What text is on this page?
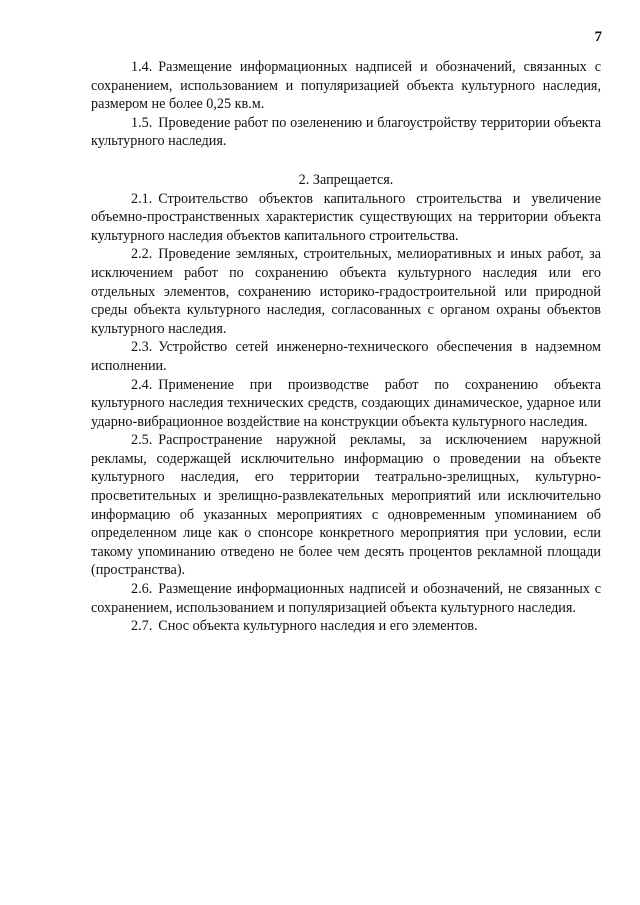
7

1.4. Размещение информационных надписей и обозначений, связанных с сохранением, использованием и популяризацией объекта культурного наследия, размером не более 0,25 кв.м.

1.5. Проведение работ по озеленению и благоустройству территории объекта культурного наследия.

2. Запрещается.

2.1. Строительство объектов капитального строительства и увеличение объемно-пространственных характеристик существующих на территории объекта культурного наследия объектов капитального строительства.

2.2. Проведение земляных, строительных, мелиоративных и иных работ, за исключением работ по сохранению объекта культурного наследия или его отдельных элементов, сохранению историко-градостроительной или природной среды объекта культурного наследия, согласованных с органом охраны объектов культурного наследия.

2.3. Устройство сетей инженерно-технического обеспечения в надземном исполнении.

2.4. Применение при производстве работ по сохранению объекта культурного наследия технических средств, создающих динамическое, ударное или ударно-вибрационное воздействие на конструкции объекта культурного наследия.

2.5. Распространение наружной рекламы, за исключением наружной рекламы, содержащей исключительно информацию о проведении на объекте культурного наследия, его территории театрально-зрелищных, культурно-просветительных и зрелищно-развлекательных мероприятий или исключительно информацию об указанных мероприятиях с одновременным упоминанием об определенном лице как о спонсоре конкретного мероприятия при условии, если такому упоминанию отведено не более чем десять процентов рекламной площади (пространства).

2.6. Размещение информационных надписей и обозначений, не связанных с сохранением, использованием и популяризацией объекта культурного наследия.

2.7. Снос объекта культурного наследия и его элементов.
